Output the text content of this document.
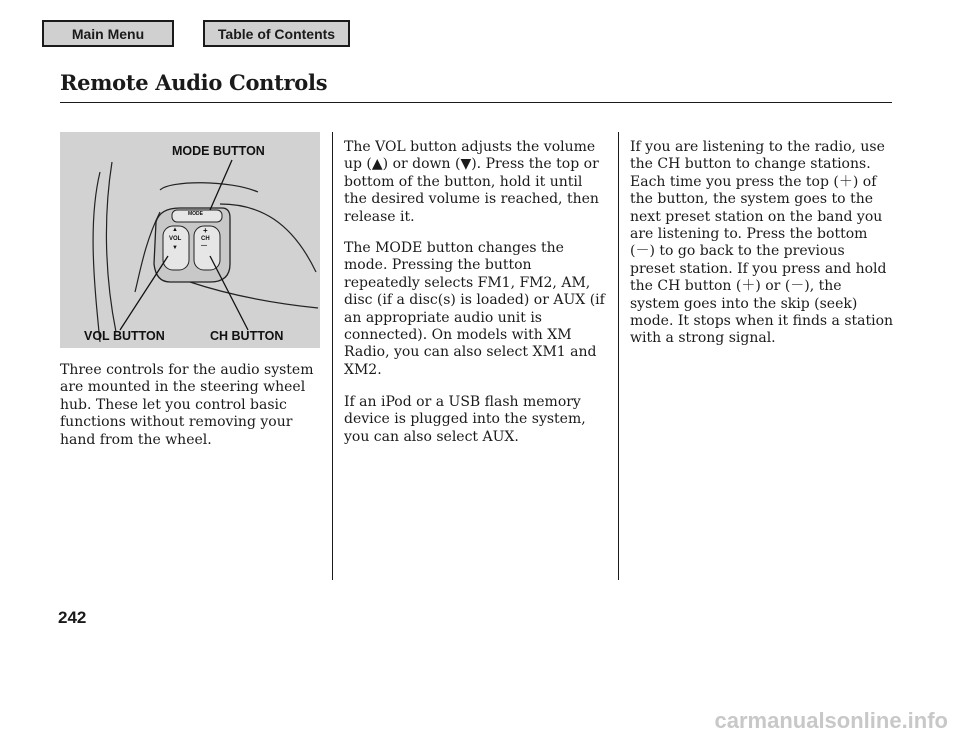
Main Menu	Table of Contents
Remote Audio Controls
MODE
▲
VOL
▼
+
CH
—
MODE BUTTON
VOL BUTTON	CH BUTTON

Three controls for the audio system are mounted in the steering wheel hub. These let you control basic functions without removing your hand from the wheel.

The VOL button adjusts the volume up (▲) or down (▼). Press the top or bottom of the button, hold it until the desired volume is reached, then release it.

The MODE button changes the mode. Pressing the button repeatedly selects FM1, FM2, AM, disc (if a disc(s) is loaded) or AUX (if an appropriate audio unit is connected). On models with XM Radio, you can also select XM1 and XM2.

If an iPod or a USB flash memory device is plugged into the system, you can also select AUX.

If you are listening to the radio, use the CH button to change stations. Each time you press the top (＋) of the button, the system goes to the next preset station on the band you are listening to. Press the bottom (－) to go back to the previous preset station. If you press and hold the CH button (＋) or (－), the system goes into the skip (seek) mode. It stops when it finds a station with a strong signal.

242
carmanualsonline.info
